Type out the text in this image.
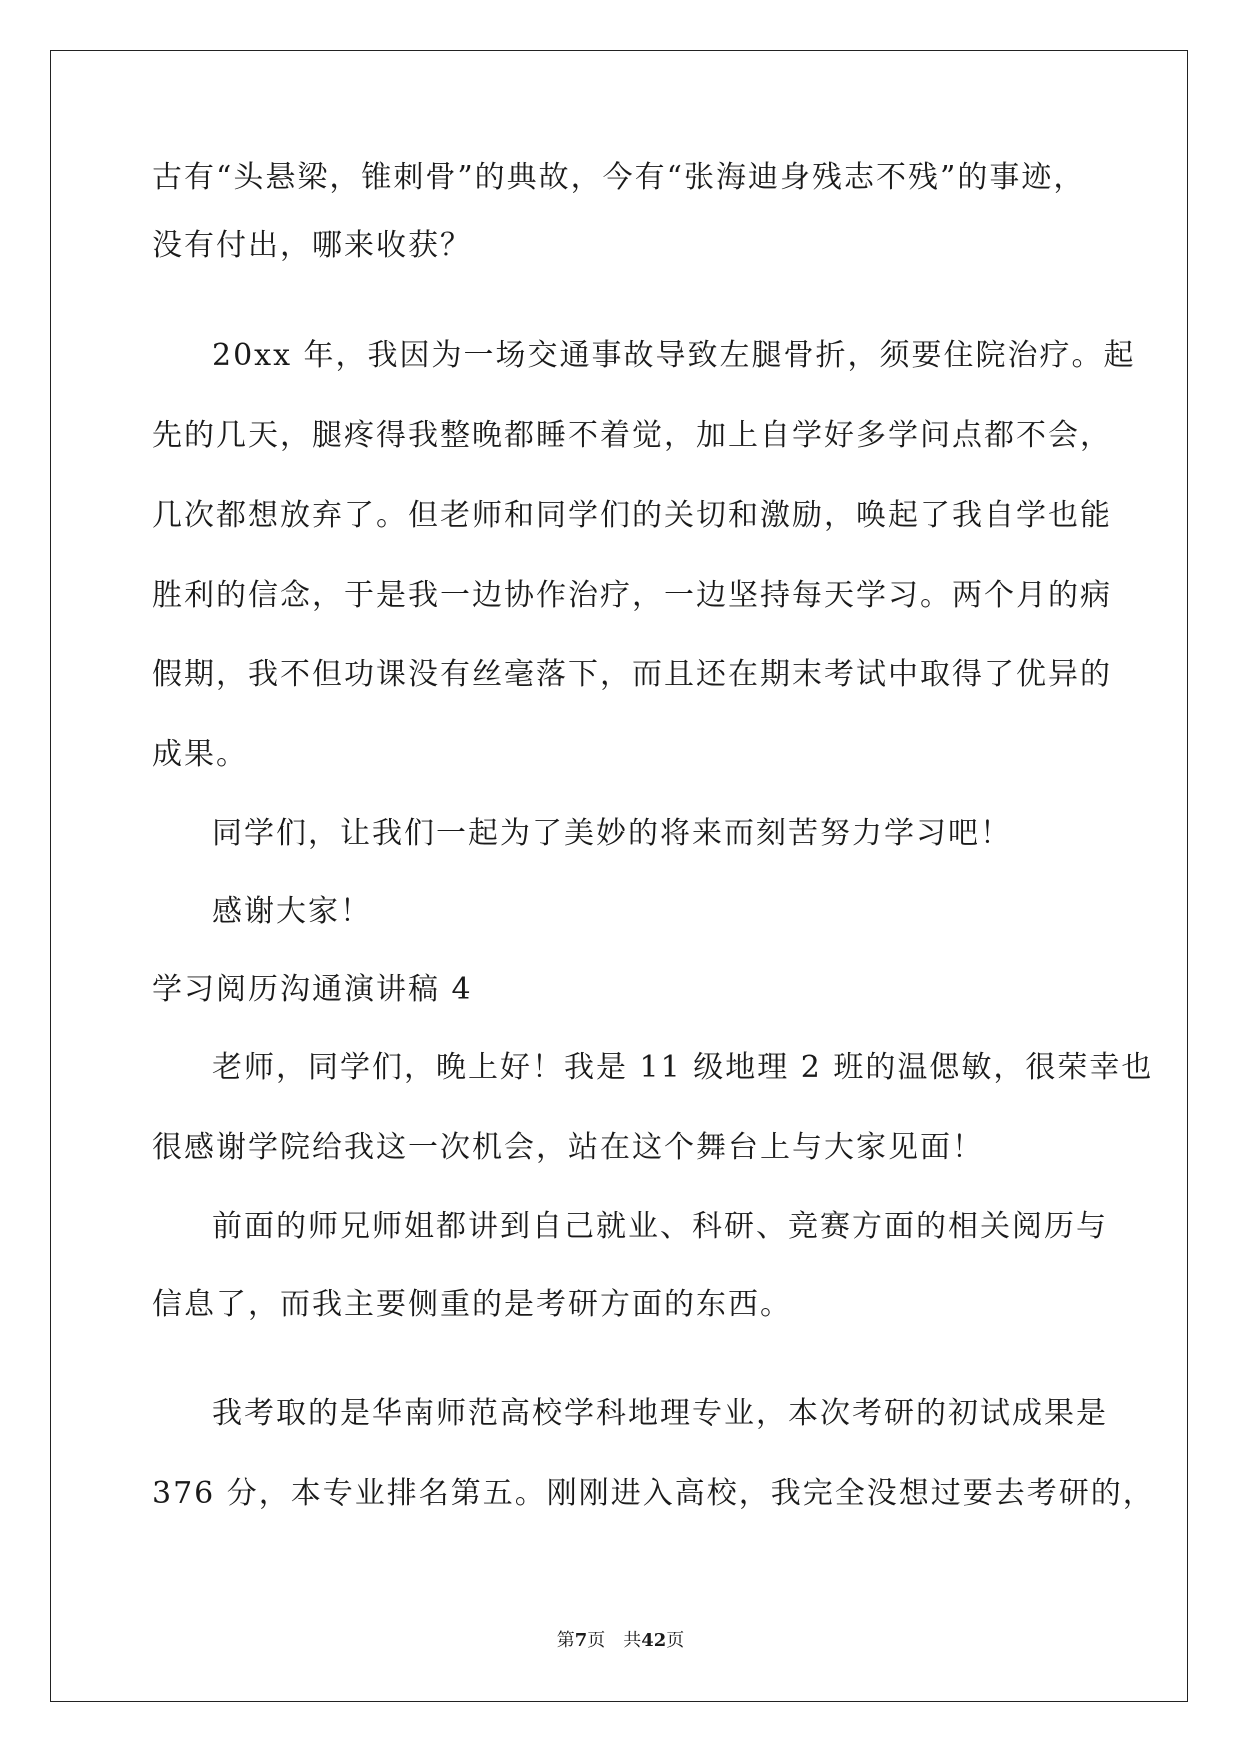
古有“头悬梁，锥刺骨”的典故，今有“张海迪身残志不残”的事迹，
没有付出，哪来收获？
20xx 年，我因为一场交通事故导致左腿骨折，须要住院治疗。起
先的几天，腿疼得我整晚都睡不着觉，加上自学好多学问点都不会，
几次都想放弃了。但老师和同学们的关切和激励，唤起了我自学也能
胜利的信念，于是我一边协作治疗，一边坚持每天学习。两个月的病
假期，我不但功课没有丝毫落下，而且还在期末考试中取得了优异的
成果。
同学们，让我们一起为了美妙的将来而刻苦努力学习吧！
感谢大家！
学习阅历沟通演讲稿 4
老师，同学们，晚上好！我是 11 级地理 2 班的温偲敏，很荣幸也
很感谢学院给我这一次机会，站在这个舞台上与大家见面！
前面的师兄师姐都讲到自己就业、科研、竞赛方面的相关阅历与
信息了，而我主要侧重的是考研方面的东西。
我考取的是华南师范高校学科地理专业，本次考研的初试成果是
376 分，本专业排名第五。刚刚进入高校，我完全没想过要去考研的，
第7页　共42页
